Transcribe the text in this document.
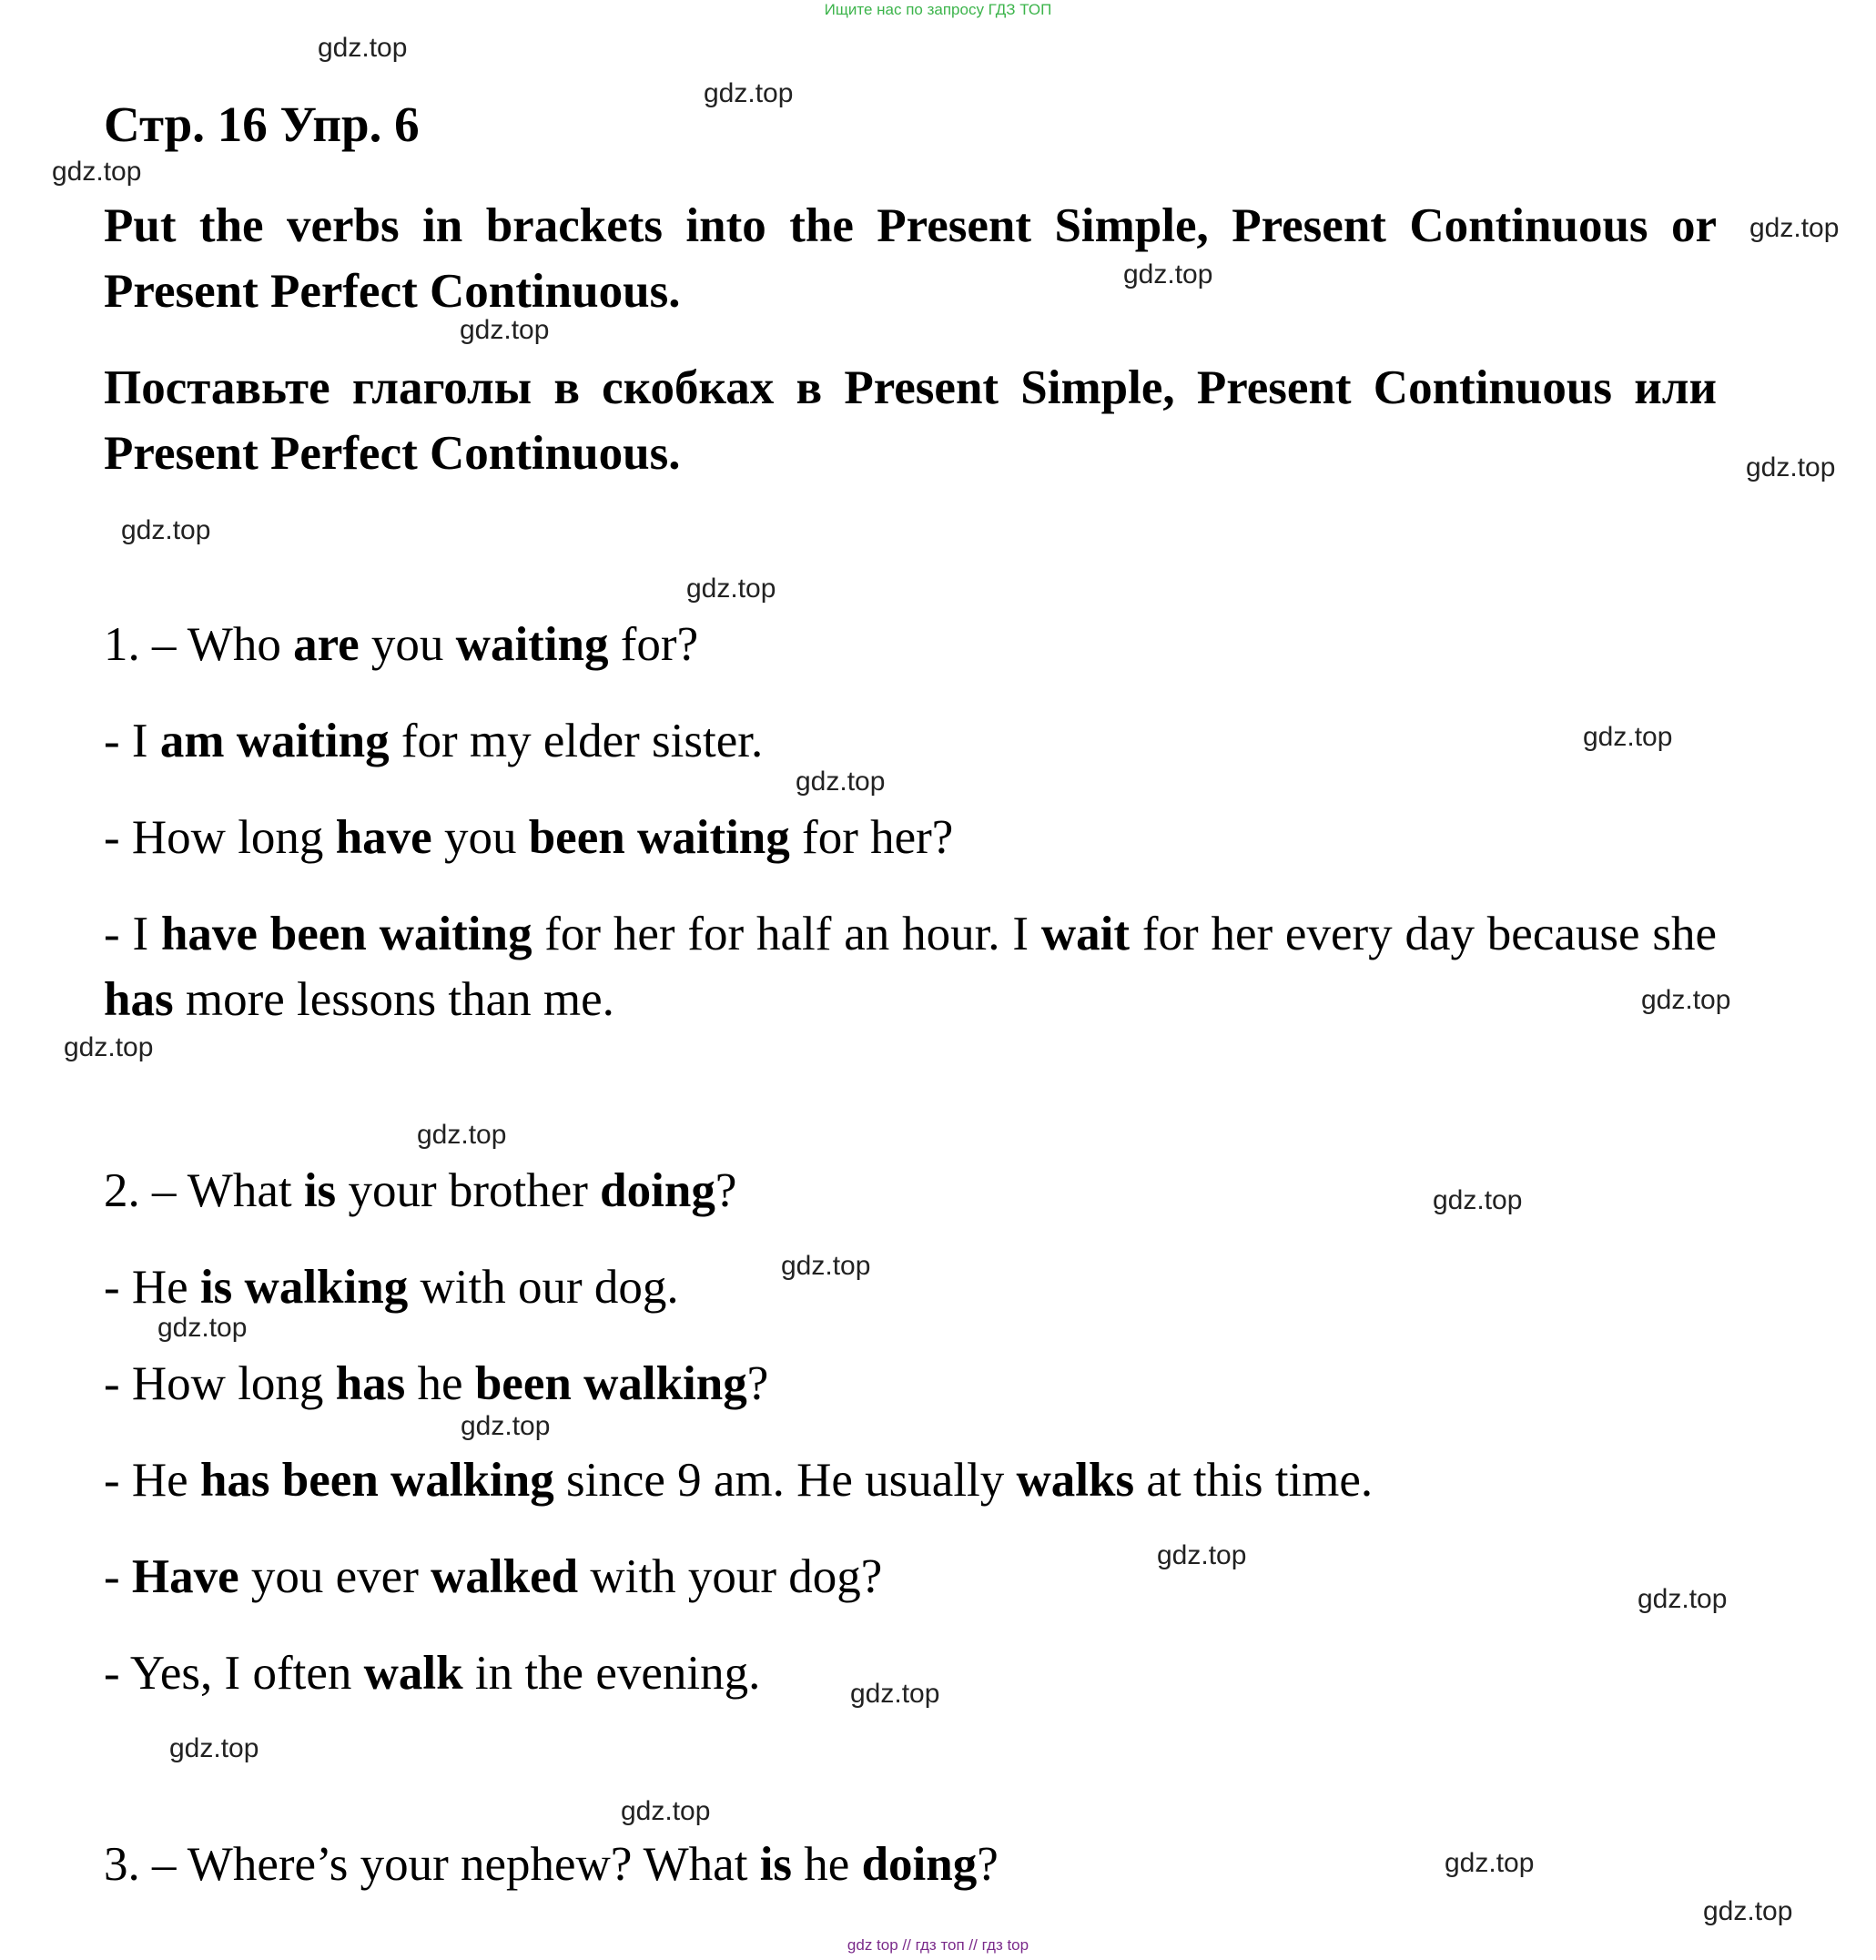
Ищите нас по запросу ГДЗ ТОП
Стр. 16 Упр. 6

Put the verbs in brackets into the Present Simple, Present Continuous or Present Perfect Continuous.

Поставьте глаголы в скобках в Present Simple, Present Continuous или Present Perfect Continuous.

1. – Who are you waiting for?

- I am waiting for my elder sister.

- How long have you been waiting for her?

- I have been waiting for her for half an hour. I wait for her every day because she has more lessons than me.

2. – What is your brother doing?

- He is walking with our dog.

- How long has he been walking?

- He has been walking since 9 am. He usually walks at this time.

- Have you ever walked with your dog?

- Yes, I often walk in the evening.

3. – Where’s your nephew? What is he doing?

gdz.top
gdz.top
gdz.top
gdz.top
gdz.top
gdz.top
gdz.top
gdz.top
gdz.top
gdz.top
gdz.top
gdz.top
gdz.top
gdz.top
gdz.top
gdz.top
gdz.top
gdz.top
gdz.top
gdz.top
gdz.top
gdz.top
gdz.top
gdz.top
gdz.top
gdz top // гдз топ // гдз top
